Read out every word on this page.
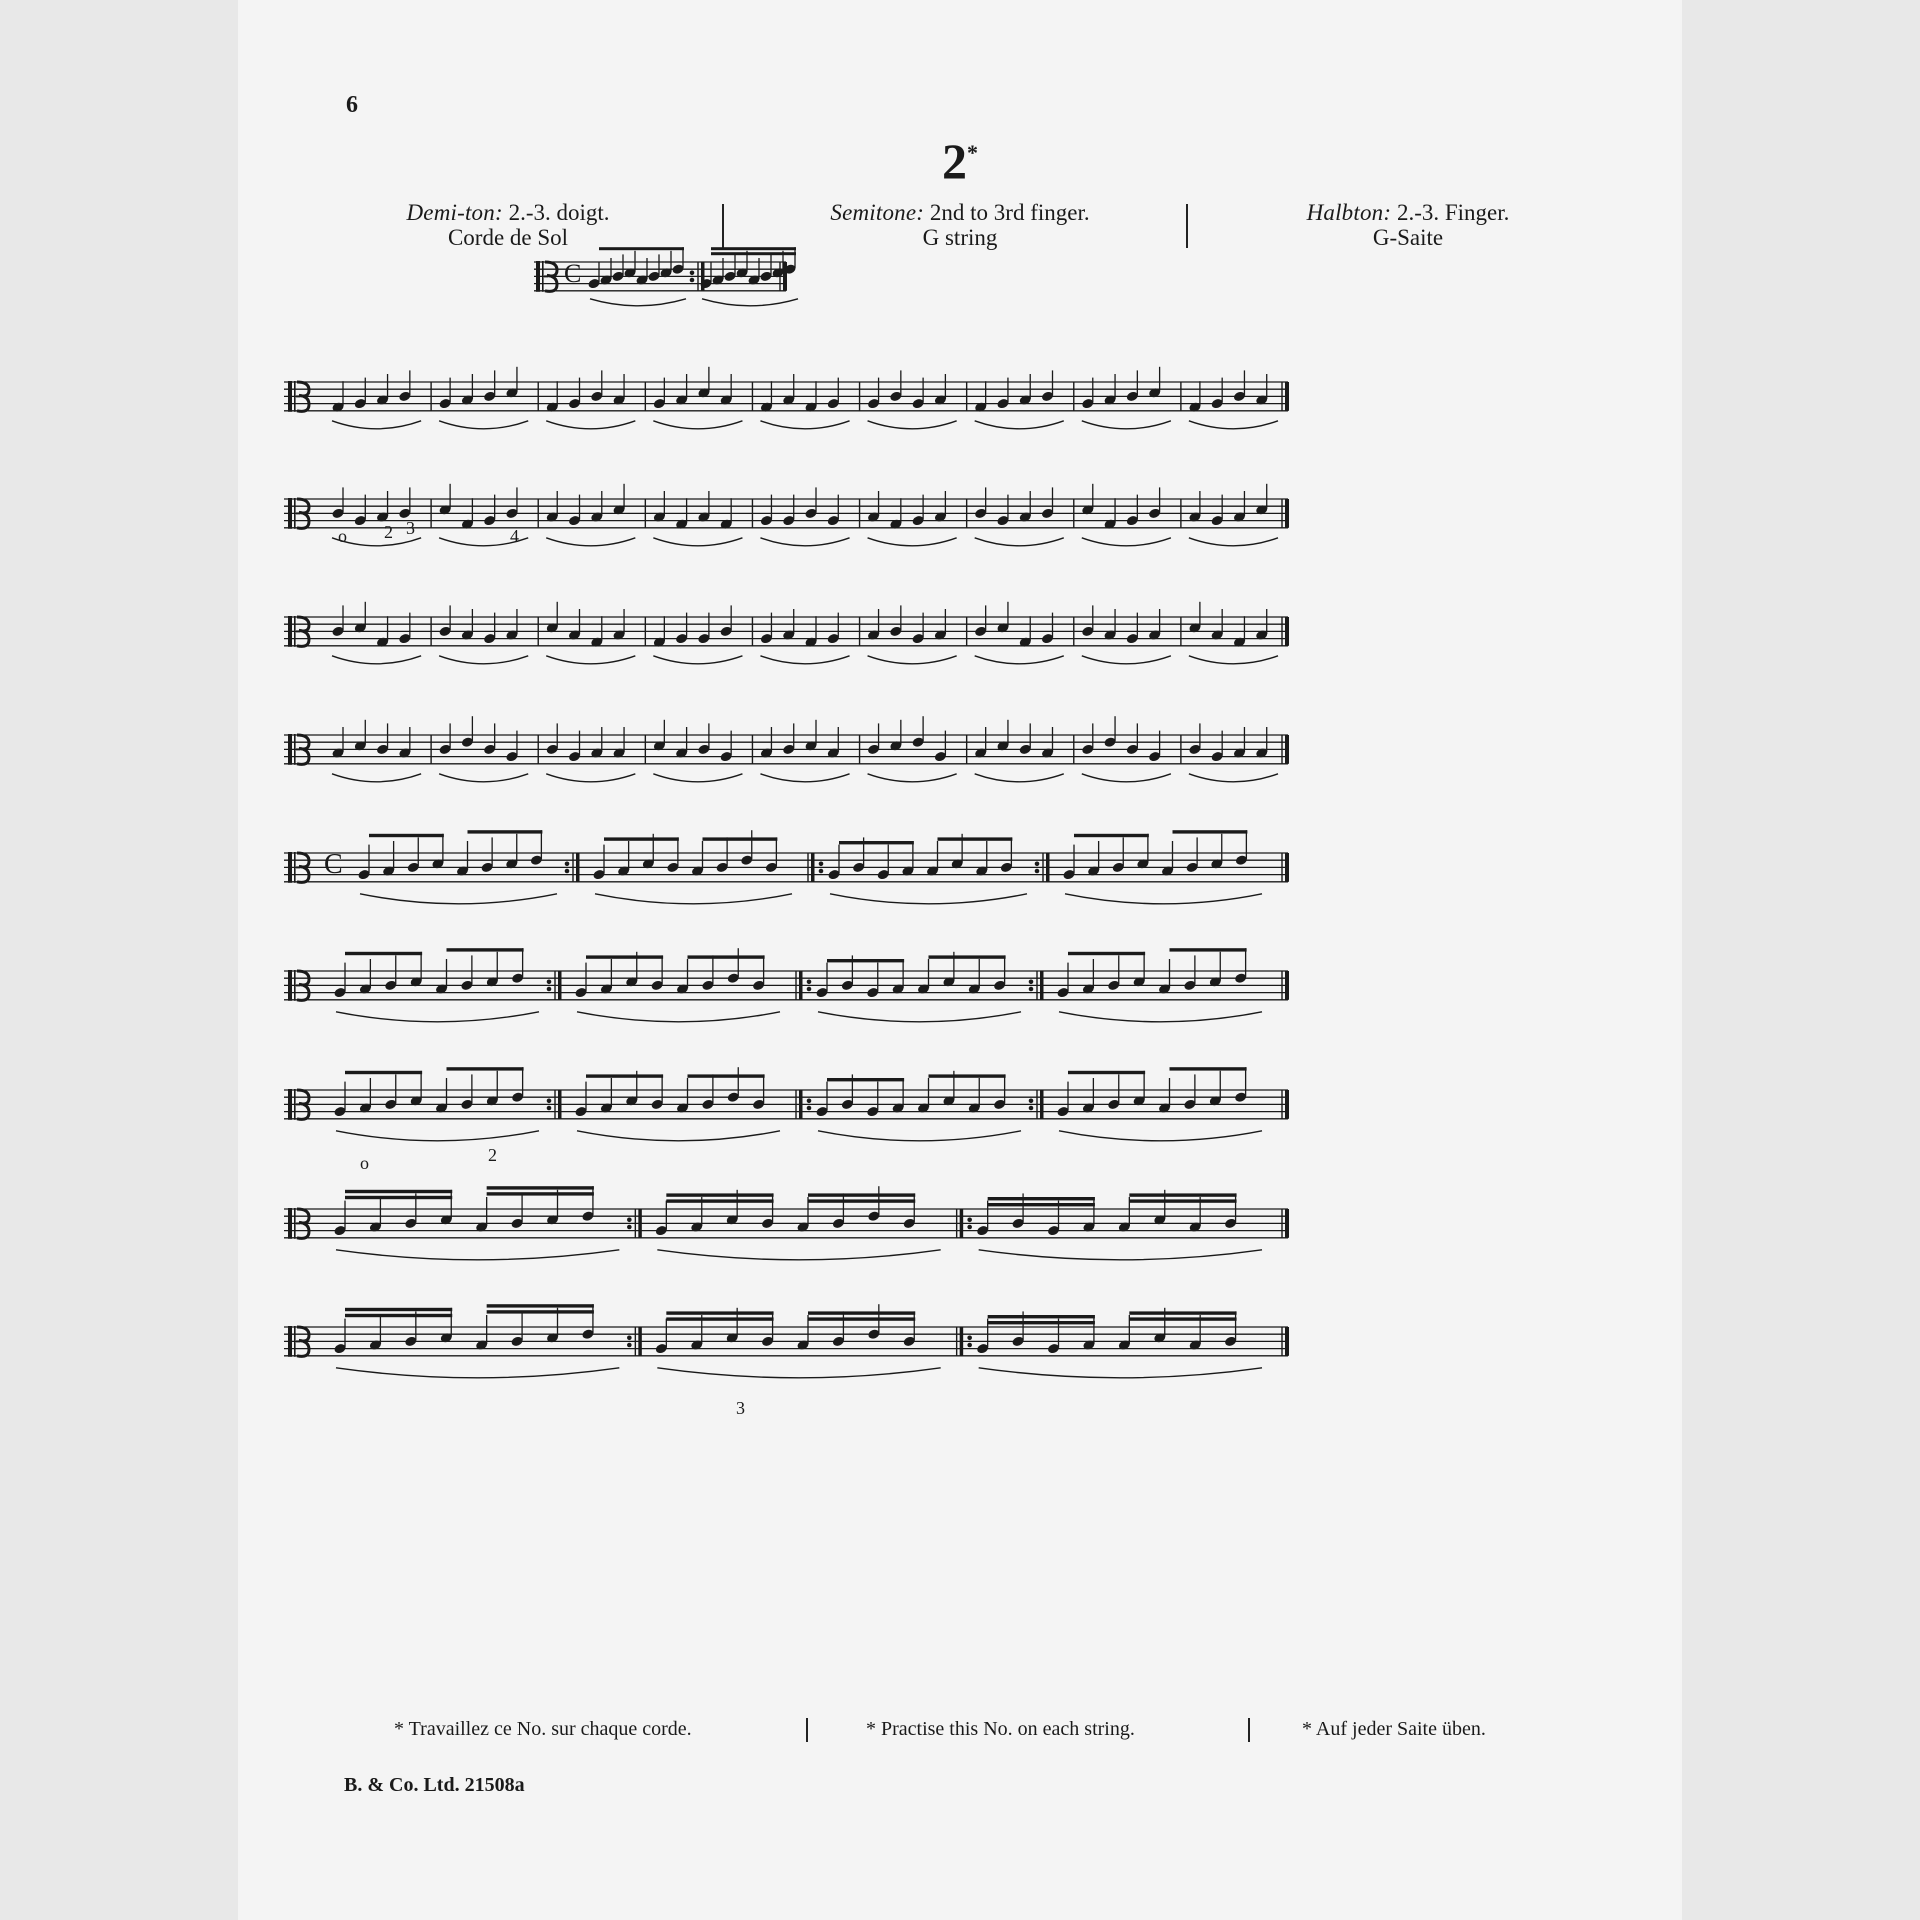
6
2*
Demi-ton: 2.-3. doigt.
Corde de Sol
Semitone: 2nd to 3rd finger.
G string
Halbton: 2.-3. Finger.
G-Saite
C
C
o 2 3	4
o	2
3
* Travaillez ce No. sur chaque corde.	* Practise this No. on each string.	* Auf jeder Saite üben.
B. & Co. Ltd. 21508a
